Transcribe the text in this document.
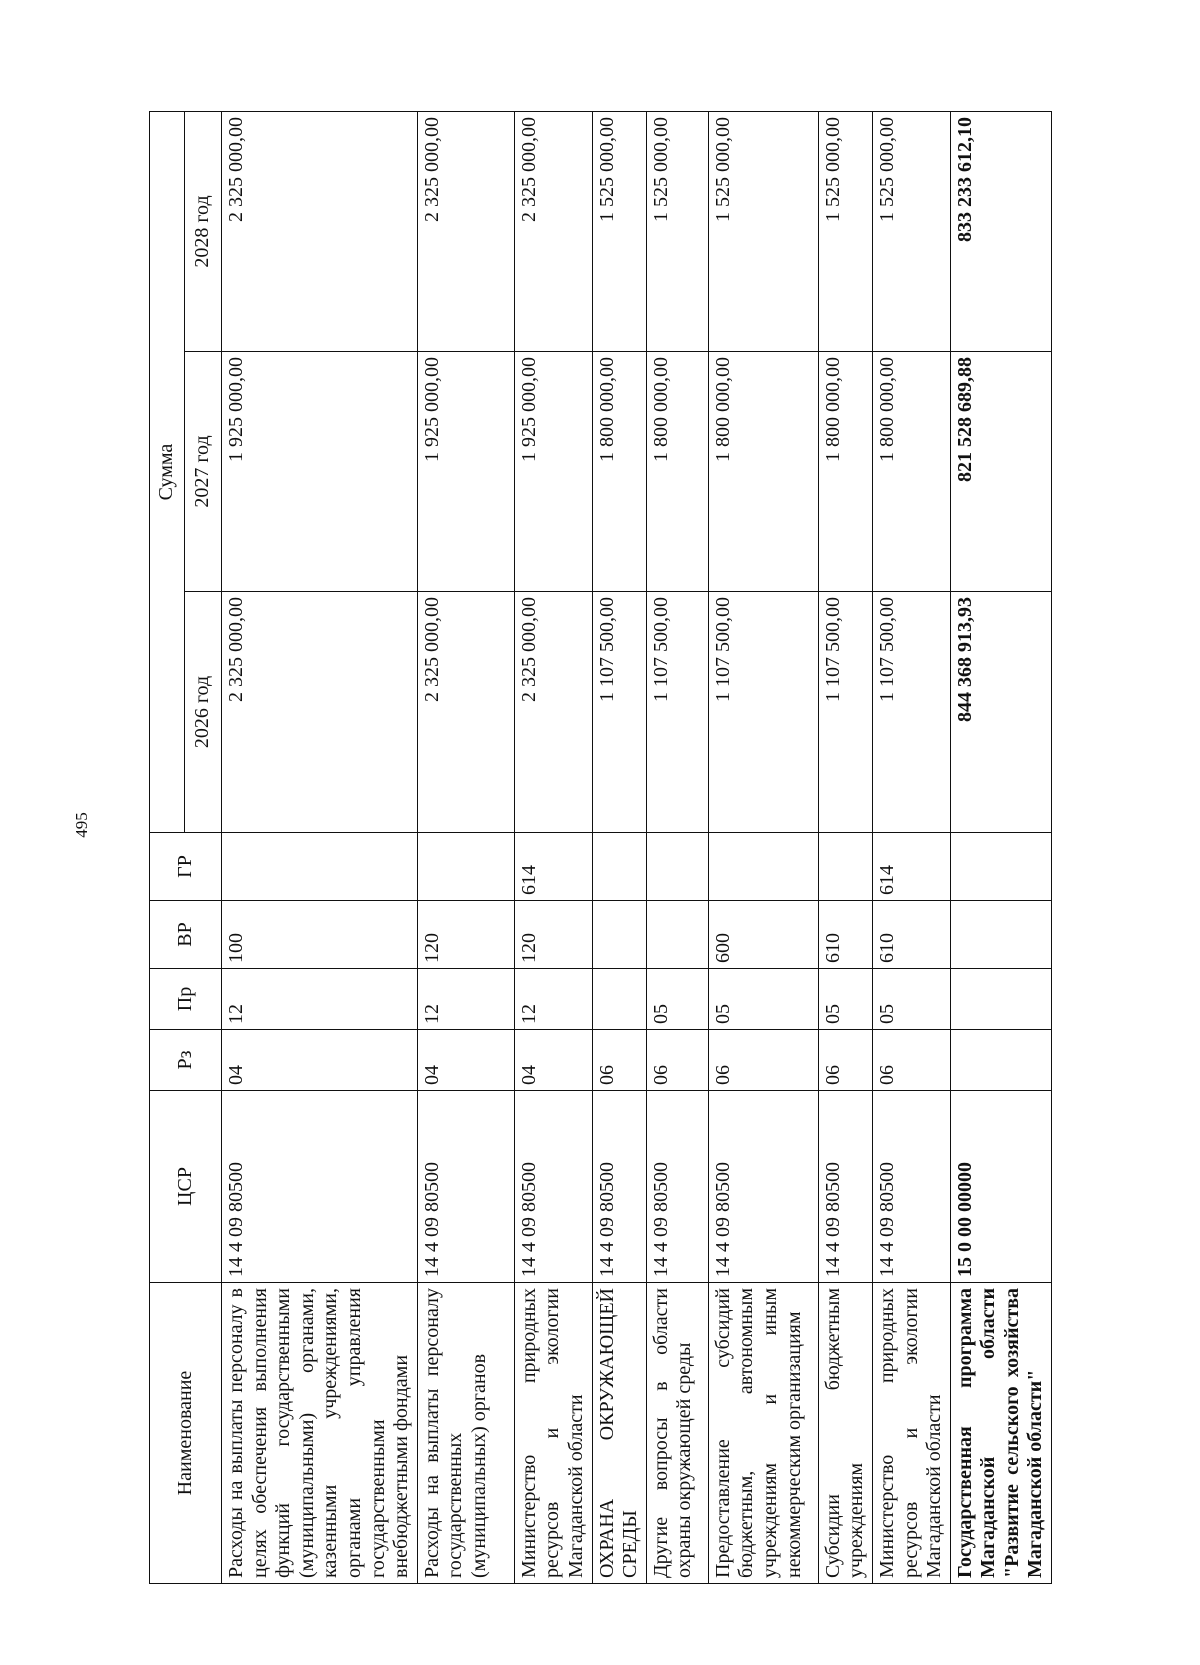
495
Наименование	ЦСР	Рз	Пр	ВР	ГР	Сумма		
						2026 год	2027 год	2028 год
Расходы на выплаты персоналу в целях обеспечения выполнения функций государственными (муниципальными) органами, казенными учреждениями, органами управления государственными внебюджетными фондами	14 4 09 80500	04	12	100		2 325 000,00	1 925 000,00	2 325 000,00
Расходы на выплаты персоналу государственных (муниципальных) органов	14 4 09 80500	04	12	120		2 325 000,00	1 925 000,00	2 325 000,00
Министерство природных ресурсов и экологии Магаданской области	14 4 09 80500	04	12	120	614	2 325 000,00	1 925 000,00	2 325 000,00
ОХРАНА ОКРУЖАЮЩЕЙ СРЕДЫ	14 4 09 80500	06				1 107 500,00	1 800 000,00	1 525 000,00
Другие вопросы в области охраны окружающей среды	14 4 09 80500	06	05			1 107 500,00	1 800 000,00	1 525 000,00
Предоставление субсидий бюджетным, автономным учреждениям и иным некоммерческим организациям	14 4 09 80500	06	05	600		1 107 500,00	1 800 000,00	1 525 000,00
Субсидии бюджетным учреждениям	14 4 09 80500	06	05	610		1 107 500,00	1 800 000,00	1 525 000,00
Министерство природных ресурсов и экологии Магаданской области	14 4 09 80500	06	05	610	614	1 107 500,00	1 800 000,00	1 525 000,00
Государственная программа Магаданской области "Развитие сельского хозяйства Магаданской области"	15 0 00 00000					844 368 913,93	821 528 689,88	833 233 612,10
